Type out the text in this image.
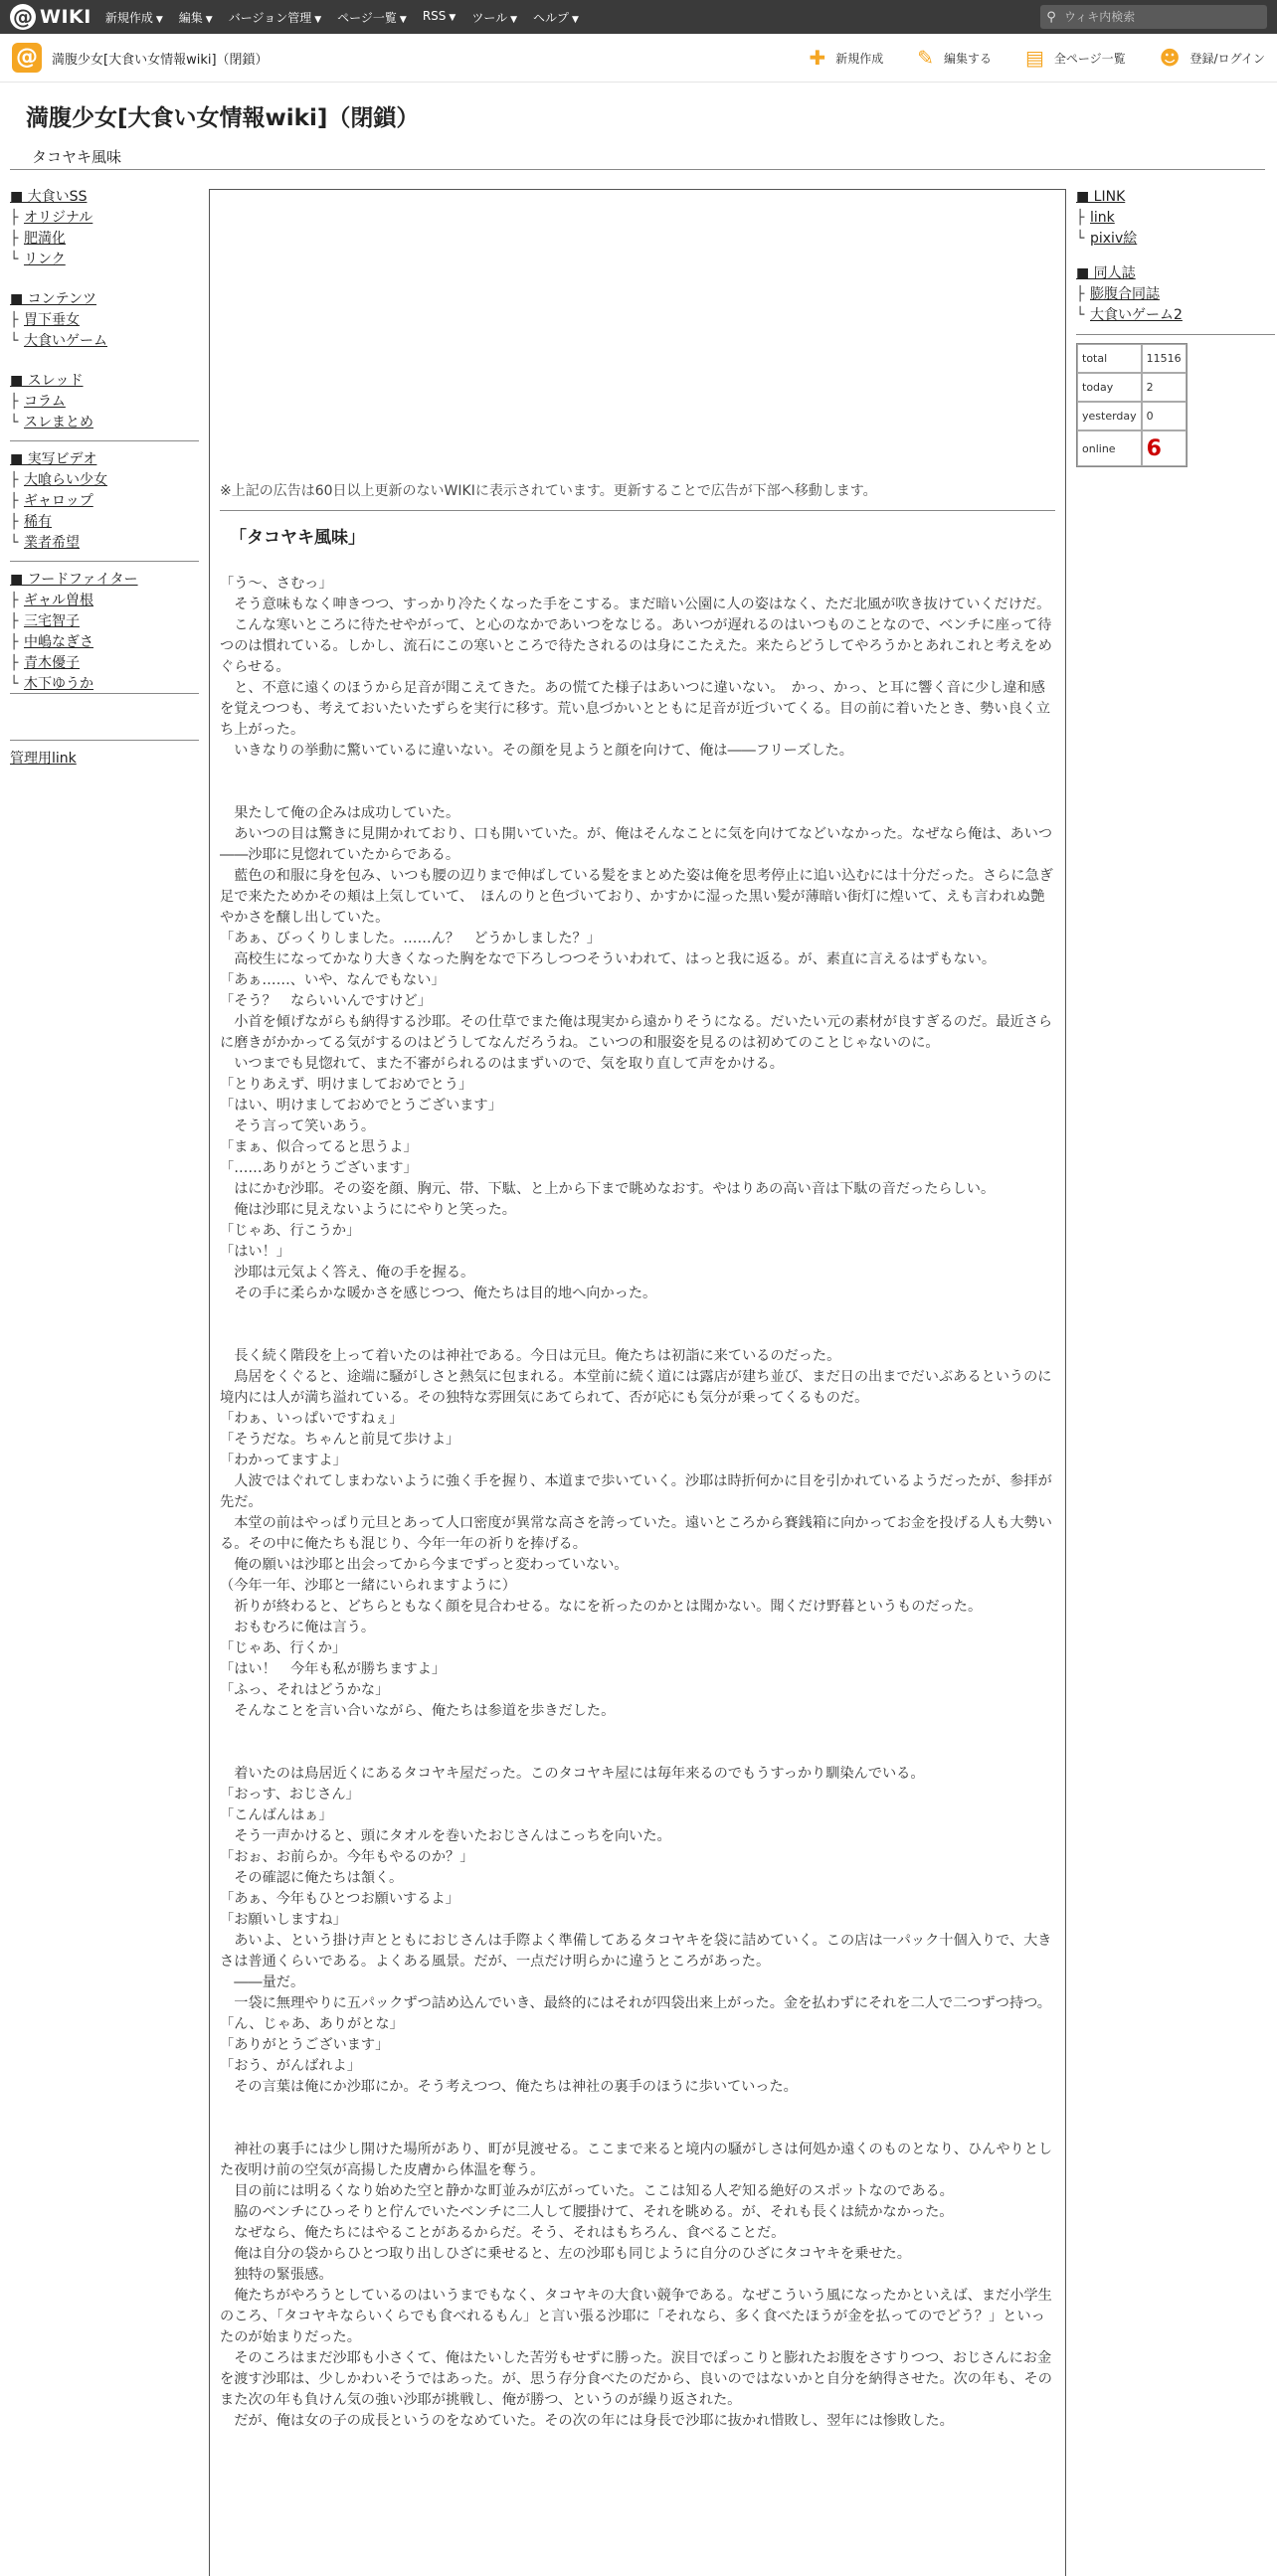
@ WIKI 新規作成 ▼ 編集 ▼ バージョン管理 ▼ ページ一覧 ▼ RSS ▼ ツール ▼ ヘルプ ▼	⚲
ウィキ内検索
@	満腹少女[大食い女情報wiki]（閉鎖）	✚ 新規作成 ✎ 編集する ▤ 全ページ一覧 ☻ 登録/ログイン
満腹少女[大食い女情報wiki]（閉鎖）
タコヤキ風味
■ 大食いSS
├ オリジナル
├ 肥満化
└ リンク
■ コンテンツ
├ 胃下垂女
└ 大食いゲーム
■ スレッド
├ コラム
└ スレまとめ
■ 実写ビデオ
├ 大喰らい少女
├ ギャロップ
├ 稀有
└ 業者希望
■ フードファイター
├ ギャル曽根
├ 三宅智子
├ 中嶋なぎさ
├ 青木優子
└ 木下ゆうか
管理用link
※上記の広告は60日以上更新のないWIKIに表示されています。更新することで広告が下部へ移動します。
「タコヤキ風味」

「う～、さむっ」

　そう意味もなく呻きつつ、すっかり冷たくなった手をこする。まだ暗い公園に人の姿はなく、ただ北風が吹き抜けていくだけだ。

　こんな寒いところに待たせやがって、と心のなかであいつをなじる。あいつが遅れるのはいつものことなので、ベンチに座って待つのは慣れている。しかし、流石にこの寒いところで待たされるのは身にこたえた。来たらどうしてやろうかとあれこれと考えをめぐらせる。

　と、不意に遠くのほうから足音が聞こえてきた。あの慌てた様子はあいつに違いない。　かっ、かっ、と耳に響く音に少し違和感を覚えつつも、考えておいたいたずらを実行に移す。荒い息づかいとともに足音が近づいてくる。目の前に着いたとき、勢い良く立ち上がった。

　いきなりの挙動に驚いているに違いない。その顔を見ようと顔を向けて、俺は――フリーズした。

　果たして俺の企みは成功していた。

　あいつの目は驚きに見開かれており、口も開いていた。が、俺はそんなことに気を向けてなどいなかった。なぜなら俺は、あいつ――沙耶に見惚れていたからである。

　藍色の和服に身を包み、いつも腰の辺りまで伸ばしている髪をまとめた姿は俺を思考停止に追い込むには十分だった。さらに急ぎ足で来たためかその頬は上気していて、　ほんのりと色づいており、かすかに湿った黒い髪が薄暗い街灯に煌いて、えも言われぬ艶やかさを醸し出していた。

「あぁ、びっくりしました。……ん？　どうかしました？」

　高校生になってかなり大きくなった胸をなで下ろしつつそういわれて、はっと我に返る。が、素直に言えるはずもない。

「あぁ……、いや、なんでもない」

「そう？　ならいいんですけど」

　小首を傾げながらも納得する沙耶。その仕草でまた俺は現実から遠かりそうになる。だいたい元の素材が良すぎるのだ。最近さらに磨きがかかってる気がするのはどうしてなんだろうね。こいつの和服姿を見るのは初めてのことじゃないのに。

　いつまでも見惚れて、また不審がられるのはまずいので、気を取り直して声をかける。

「とりあえず、明けましておめでとう」

「はい、明けましておめでとうございます」

　そう言って笑いあう。

「まぁ、似合ってると思うよ」

「……ありがとうございます」

　はにかむ沙耶。その姿を顔、胸元、帯、下駄、と上から下まで眺めなおす。やはりあの高い音は下駄の音だったらしい。

　俺は沙耶に見えないようににやりと笑った。

「じゃあ、行こうか」

「はい！」

　沙耶は元気よく答え、俺の手を握る。

　その手に柔らかな暖かさを感じつつ、俺たちは目的地へ向かった。

　長く続く階段を上って着いたのは神社である。今日は元旦。俺たちは初詣に来ているのだった。

　鳥居をくぐると、途端に騒がしさと熱気に包まれる。本堂前に続く道には露店が建ち並び、まだ日の出までだいぶあるというのに境内には人が満ち溢れている。その独特な雰囲気にあてられて、否が応にも気分が乗ってくるものだ。

「わぁ、いっぱいですねぇ」

「そうだな。ちゃんと前見て歩けよ」

「わかってますよ」

　人波ではぐれてしまわないように強く手を握り、本道まで歩いていく。沙耶は時折何かに目を引かれているようだったが、参拝が先だ。

　本堂の前はやっぱり元旦とあって人口密度が異常な高さを誇っていた。遠いところから賽銭箱に向かってお金を投げる人も大勢いる。その中に俺たちも混じり、今年一年の祈りを捧げる。

　俺の願いは沙耶と出会ってから今までずっと変わっていない。

（今年一年、沙耶と一緒にいられますように）

　祈りが終わると、どちらともなく顔を見合わせる。なにを祈ったのかとは聞かない。聞くだけ野暮というものだった。

　おもむろに俺は言う。

「じゃあ、行くか」

「はい！　今年も私が勝ちますよ」

「ふっ、それはどうかな」

　そんなことを言い合いながら、俺たちは参道を歩きだした。

　着いたのは鳥居近くにあるタコヤキ屋だった。このタコヤキ屋には毎年来るのでもうすっかり馴染んでいる。

「おっす、おじさん」

「こんばんはぁ」

　そう一声かけると、頭にタオルを巻いたおじさんはこっちを向いた。

「おぉ、お前らか。今年もやるのか？」

　その確認に俺たちは頷く。

「あぁ、今年もひとつお願いするよ」

「お願いしますね」

　あいよ、という掛け声とともにおじさんは手際よく準備してあるタコヤキを袋に詰めていく。この店は一パック十個入りで、大きさは普通くらいである。よくある風景。だが、一点だけ明らかに違うところがあった。

　――量だ。

　一袋に無理やりに五パックずつ詰め込んでいき、最終的にはそれが四袋出来上がった。金を払わずにそれを二人で二つずつ持つ。

「ん、じゃあ、ありがとな」

「ありがとうございます」

「おう、がんばれよ」

　その言葉は俺にか沙耶にか。そう考えつつ、俺たちは神社の裏手のほうに歩いていった。

　神社の裏手には少し開けた場所があり、町が見渡せる。ここまで来ると境内の騒がしさは何処か遠くのものとなり、ひんやりとした夜明け前の空気が高揚した皮膚から体温を奪う。

　目の前には明るくなり始めた空と静かな町並みが広がっていた。ここは知る人ぞ知る絶好のスポットなのである。

　脇のベンチにひっそりと佇んでいたベンチに二人して腰掛けて、それを眺める。が、それも長くは続かなかった。

　なぜなら、俺たちにはやることがあるからだ。そう、それはもちろん、食べることだ。

　俺は自分の袋からひとつ取り出しひざに乗せると、左の沙耶も同じように自分のひざにタコヤキを乗せた。

　独特の緊張感。

　俺たちがやろうとしているのはいうまでもなく、タコヤキの大食い競争である。なぜこういう風になったかといえば、まだ小学生のころ、「タコヤキならいくらでも食べれるもん」と言い張る沙耶に「それなら、多く食べたほうが金を払ってのでどう？」といったのが始まりだった。

　そのころはまだ沙耶も小さくて、俺はたいした苦労もせずに勝った。涙目でぽっこりと膨れたお腹をさすりつつ、おじさんにお金を渡す沙耶は、少しかわいそうではあった。が、思う存分食べたのだから、良いのではないかと自分を納得させた。次の年も、そのまた次の年も負けん気の強い沙耶が挑戦し、俺が勝つ、というのが繰り返された。

　だが、俺は女の子の成長というのをなめていた。その次の年には身長で沙耶に抜かれ惜敗し、翌年には惨敗した。

■ LINK
├ link
└ pixiv絵
■ 同人誌
├ 膨腹合同誌
└ 大食いゲーム2
total	11516
today	2
yesterday	0
online	6
